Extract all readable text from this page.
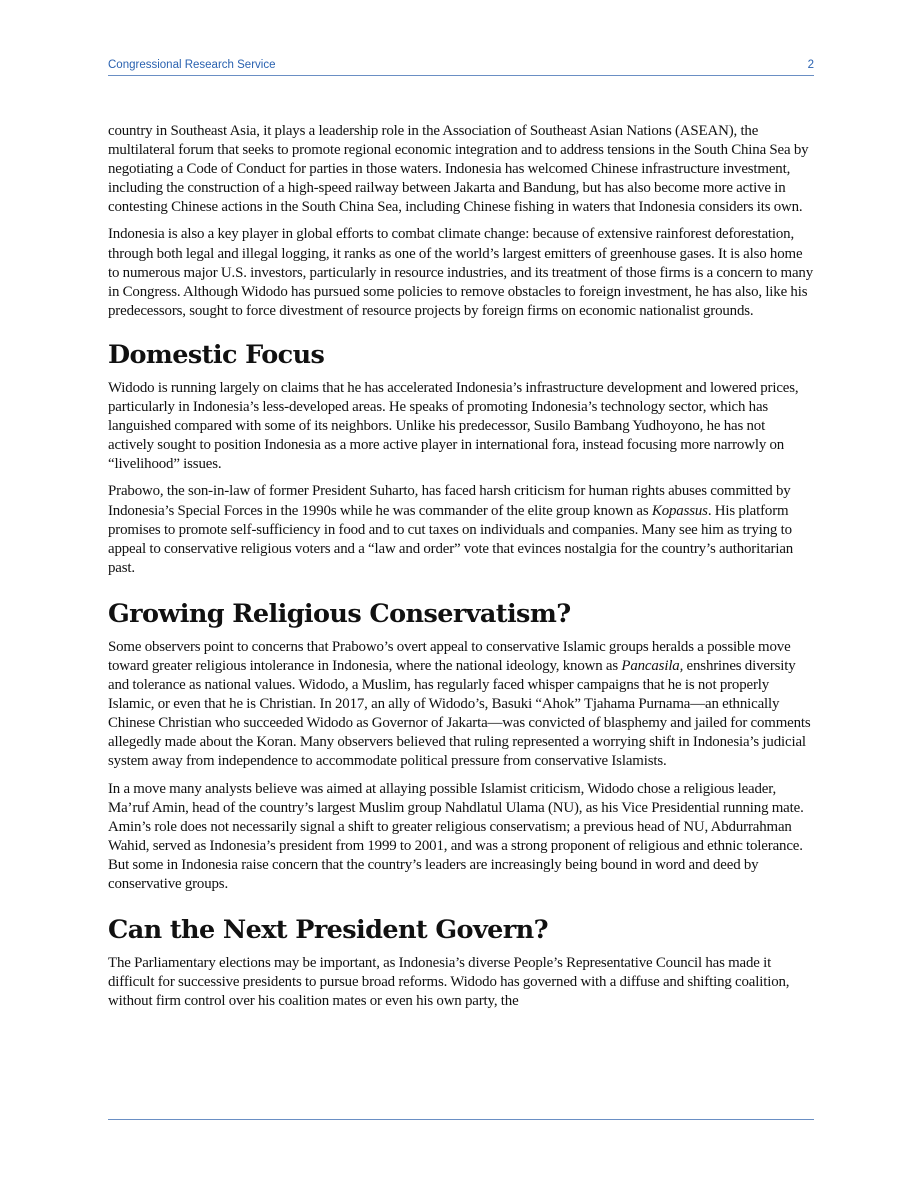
Congressional Research Service	2

country in Southeast Asia, it plays a leadership role in the Association of Southeast Asian Nations (ASEAN), the multilateral forum that seeks to promote regional economic integration and to address tensions in the South China Sea by negotiating a Code of Conduct for parties in those waters. Indonesia has welcomed Chinese infrastructure investment, including the construction of a high-speed railway between Jakarta and Bandung, but has also become more active in contesting Chinese actions in the South China Sea, including Chinese fishing in waters that Indonesia considers its own.

Indonesia is also a key player in global efforts to combat climate change: because of extensive rainforest deforestation, through both legal and illegal logging, it ranks as one of the world’s largest emitters of greenhouse gases. It is also home to numerous major U.S. investors, particularly in resource industries, and its treatment of those firms is a concern to many in Congress. Although Widodo has pursued some policies to remove obstacles to foreign investment, he has also, like his predecessors, sought to force divestment of resource projects by foreign firms on economic nationalist grounds.

Domestic Focus

Widodo is running largely on claims that he has accelerated Indonesia’s infrastructure development and lowered prices, particularly in Indonesia’s less-developed areas. He speaks of promoting Indonesia’s technology sector, which has languished compared with some of its neighbors. Unlike his predecessor, Susilo Bambang Yudhoyono, he has not actively sought to position Indonesia as a more active player in international fora, instead focusing more narrowly on “livelihood” issues.

Prabowo, the son-in-law of former President Suharto, has faced harsh criticism for human rights abuses committed by Indonesia’s Special Forces in the 1990s while he was commander of the elite group known as Kopassus. His platform promises to promote self-sufficiency in food and to cut taxes on individuals and companies. Many see him as trying to appeal to conservative religious voters and a “law and order” vote that evinces nostalgia for the country’s authoritarian past.

Growing Religious Conservatism?

Some observers point to concerns that Prabowo’s overt appeal to conservative Islamic groups heralds a possible move toward greater religious intolerance in Indonesia, where the national ideology, known as Pancasila, enshrines diversity and tolerance as national values. Widodo, a Muslim, has regularly faced whisper campaigns that he is not properly Islamic, or even that he is Christian. In 2017, an ally of Widodo’s, Basuki “Ahok” Tjahama Purnama—an ethnically Chinese Christian who succeeded Widodo as Governor of Jakarta—was convicted of blasphemy and jailed for comments allegedly made about the Koran. Many observers believed that ruling represented a worrying shift in Indonesia’s judicial system away from independence to accommodate political pressure from conservative Islamists.

In a move many analysts believe was aimed at allaying possible Islamist criticism, Widodo chose a religious leader, Ma’ruf Amin, head of the country’s largest Muslim group Nahdlatul Ulama (NU), as his Vice Presidential running mate. Amin’s role does not necessarily signal a shift to greater religious conservatism; a previous head of NU, Abdurrahman Wahid, served as Indonesia’s president from 1999 to 2001, and was a strong proponent of religious and ethnic tolerance. But some in Indonesia raise concern that the country’s leaders are increasingly being bound in word and deed by conservative groups.

Can the Next President Govern?

The Parliamentary elections may be important, as Indonesia’s diverse People’s Representative Council has made it difficult for successive presidents to pursue broad reforms. Widodo has governed with a diffuse and shifting coalition, without firm control over his coalition mates or even his own party, the
